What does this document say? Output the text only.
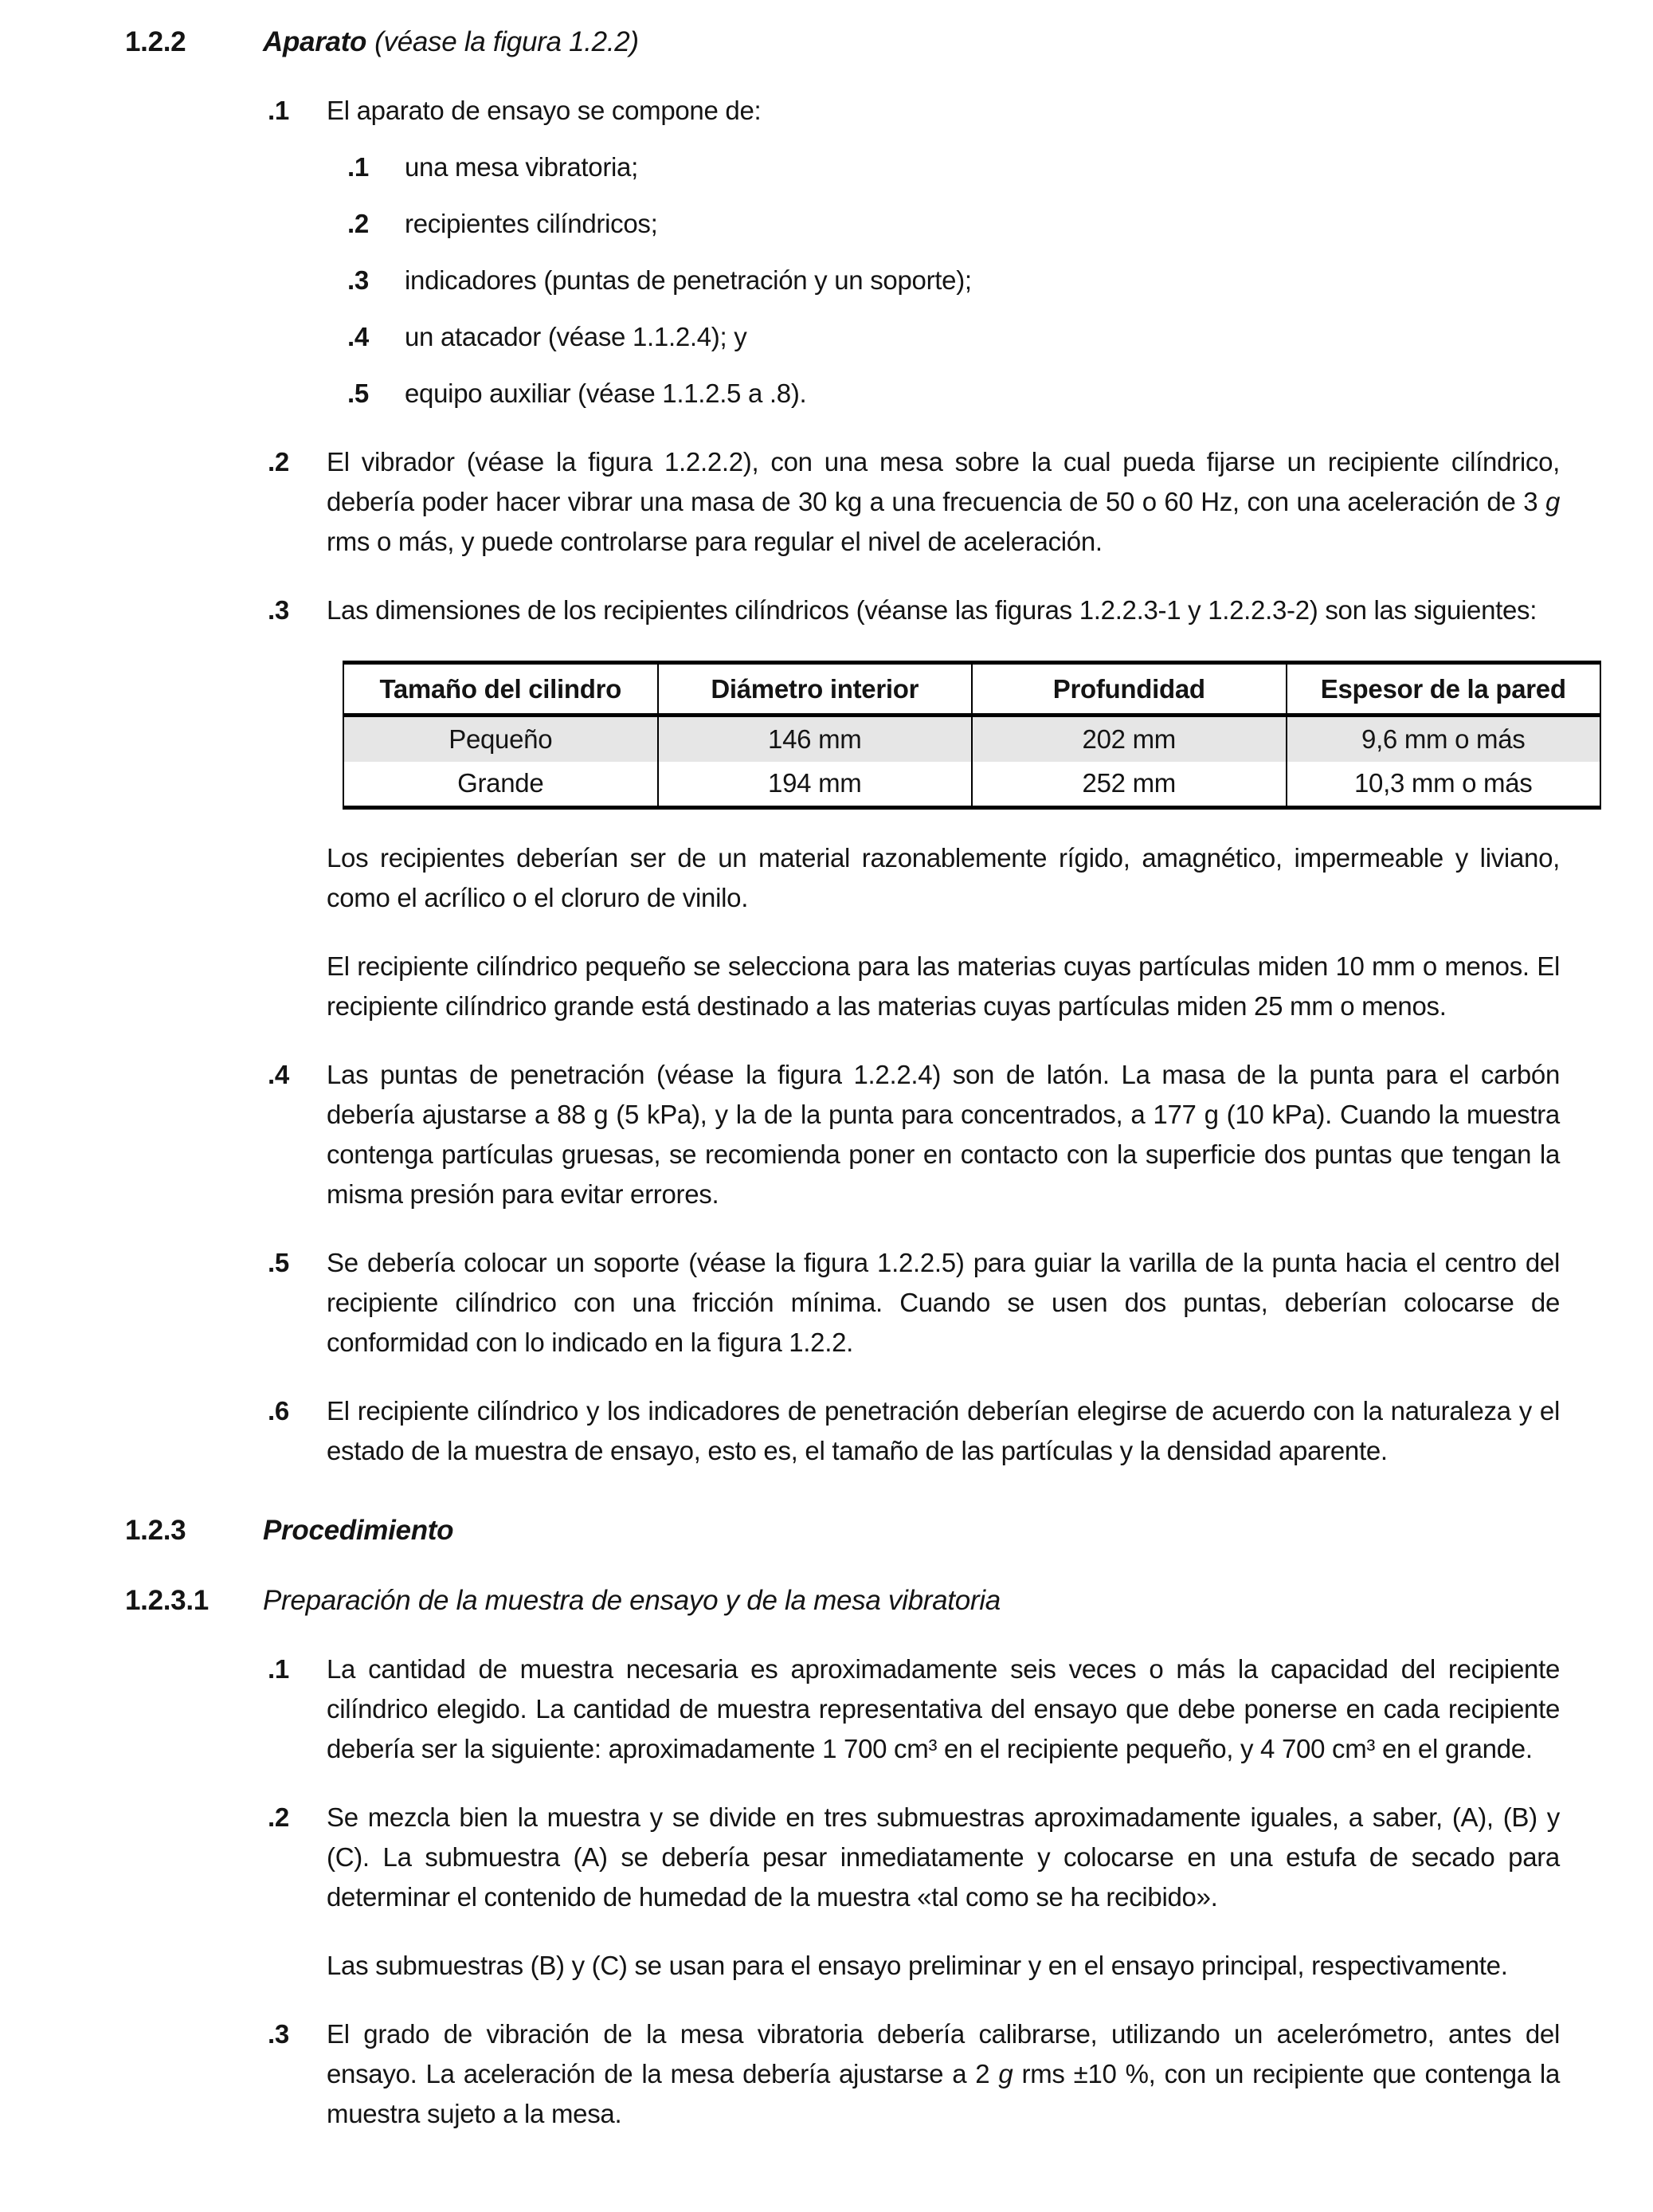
1.2.2	Aparato (véase la figura 1.2.2)
.1	El aparato de ensayo se compone de:
.1	una mesa vibratoria;
.2	recipientes cilíndricos;
.3	indicadores (puntas de penetración y un soporte);
.4	un atacador (véase 1.1.2.4); y
.5	equipo auxiliar (véase 1.1.2.5 a .8).
.2	El vibrador (véase la figura 1.2.2.2), con una mesa sobre la cual pueda fijarse un recipiente cilíndrico, debería poder hacer vibrar una masa de 30 kg a una frecuencia de 50 o 60 Hz, con una aceleración de 3 g rms o más, y puede controlarse para regular el nivel de aceleración.
.3	Las dimensiones de los recipientes cilíndricos (véanse las figuras 1.2.2.3-1 y 1.2.2.3-2) son las siguientes:
Tamaño del cilindro	Diámetro interior	Profundidad	Espesor de la pared
Pequeño	146 mm	202 mm	9,6 mm o más
Grande	194 mm	252 mm	10,3 mm o más
Los recipientes deberían ser de un material razonablemente rígido, amagnético, impermeable y liviano, como el acrílico o el cloruro de vinilo.
El recipiente cilíndrico pequeño se selecciona para las materias cuyas partículas miden 10 mm o menos. El recipiente cilíndrico grande está destinado a las materias cuyas partículas miden 25 mm o menos.
.4	Las puntas de penetración (véase la figura 1.2.2.4) son de latón. La masa de la punta para el carbón debería ajustarse a 88 g (5 kPa), y la de la punta para concentrados, a 177 g (10 kPa). Cuando la muestra contenga partículas gruesas, se recomienda poner en contacto con la superficie dos puntas que tengan la misma presión para evitar errores.
.5	Se debería colocar un soporte (véase la figura 1.2.2.5) para guiar la varilla de la punta hacia el centro del recipiente cilíndrico con una fricción mínima. Cuando se usen dos puntas, deberían colocarse de conformidad con lo indicado en la figura 1.2.2.
.6	El recipiente cilíndrico y los indicadores de penetración deberían elegirse de acuerdo con la naturaleza y el estado de la muestra de ensayo, esto es, el tamaño de las partículas y la densidad aparente.
1.2.3	Procedimiento
1.2.3.1	Preparación de la muestra de ensayo y de la mesa vibratoria
.1	La cantidad de muestra necesaria es aproximadamente seis veces o más la capacidad del recipiente cilíndrico elegido. La cantidad de muestra representativa del ensayo que debe ponerse en cada recipiente debería ser la siguiente: aproximadamente 1 700 cm³ en el recipiente pequeño, y 4 700 cm³ en el grande.
.2	Se mezcla bien la muestra y se divide en tres submuestras aproximadamente iguales, a saber, (A), (B) y (C). La submuestra (A) se debería pesar inmediatamente y colocarse en una estufa de secado para determinar el contenido de humedad de la muestra «tal como se ha recibido».
Las submuestras (B) y (C) se usan para el ensayo preliminar y en el ensayo principal, respectivamente.
.3	El grado de vibración de la mesa vibratoria debería calibrarse, utilizando un acelerómetro, antes del ensayo. La aceleración de la mesa debería ajustarse a 2 g rms ±10 %, con un recipiente que contenga la muestra sujeto a la mesa.
